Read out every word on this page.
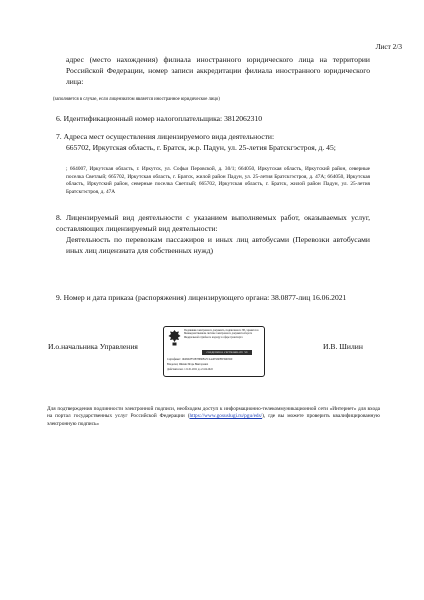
Лист 2/3
адрес (место нахождения) филиала иностранного юридического лица на территории Российской Федерации, номер записи аккредитации филиала иностранного юридического лица:
(заполняется в случае, если лицензиатом является иностранное юридическое лицо)
6. Идентификационный номер налогоплательщика: 3812062310
7. Адреса мест осуществления лицензируемого вида деятельности:
665702, Иркутская область, г. Братск, ж.р. Падун, ул. 25-летия Братскгэстроя, д. 45;
; 664007, Иркутская область, г. Иркутск, ул. Софьи Перовской, д. 30/1; 664050, Иркутская область, Иркутский район, северные поселка Светлый; 665702, Иркутская область, г. Братск, жилой район Падун, ул. 25-летия Братскгэстроя, д. 47А; 664050, Иркутская область, Иркутский район, северные поселка Светлый; 665702, Иркутская область, г. Братск, жилой район Падун, ул. 25-летия Братскгэстроя, д. 47А
8. Лицензируемый вид деятельности с указанием выполняемых работ, оказываемых услуг, составляющих лицензируемый вид деятельности:
Деятельность по перевозкам пассажиров и иных лиц автобусами (Перевозки автобусами иных лиц лицензиата для собственных нужд)
9. Номер и дата приказа (распоряжения) лицензирующего органа: 38.0877-лиц 16.06.2021
И.о.начальника Управления	И.В. Шилин
Подлинник электронного документа, подписанного ЭП, хранится в Межведомственном системе электронного документооборота Федеральной службы по надзору в сфере транспорта
СВЕДЕНИЯ О СЕРТИФИКАТЕ ЭП
Сертификат: 1948292F53E78686FA7C2A487260FD3960329
Владелец: Шилин Игорь Викторович
Действителен: с 21.01.2021 до 21.04.2022
Для подтверждения подлинности электронной подписи, необходим доступ к информационно-телекоммуникационной сети «Интернет» для входа на портал государственных услуг Российской Федерации (https://www.gosuslugi.ru/pgu/eds/), где вы можете проверить квалифицированную электронную подпись»
